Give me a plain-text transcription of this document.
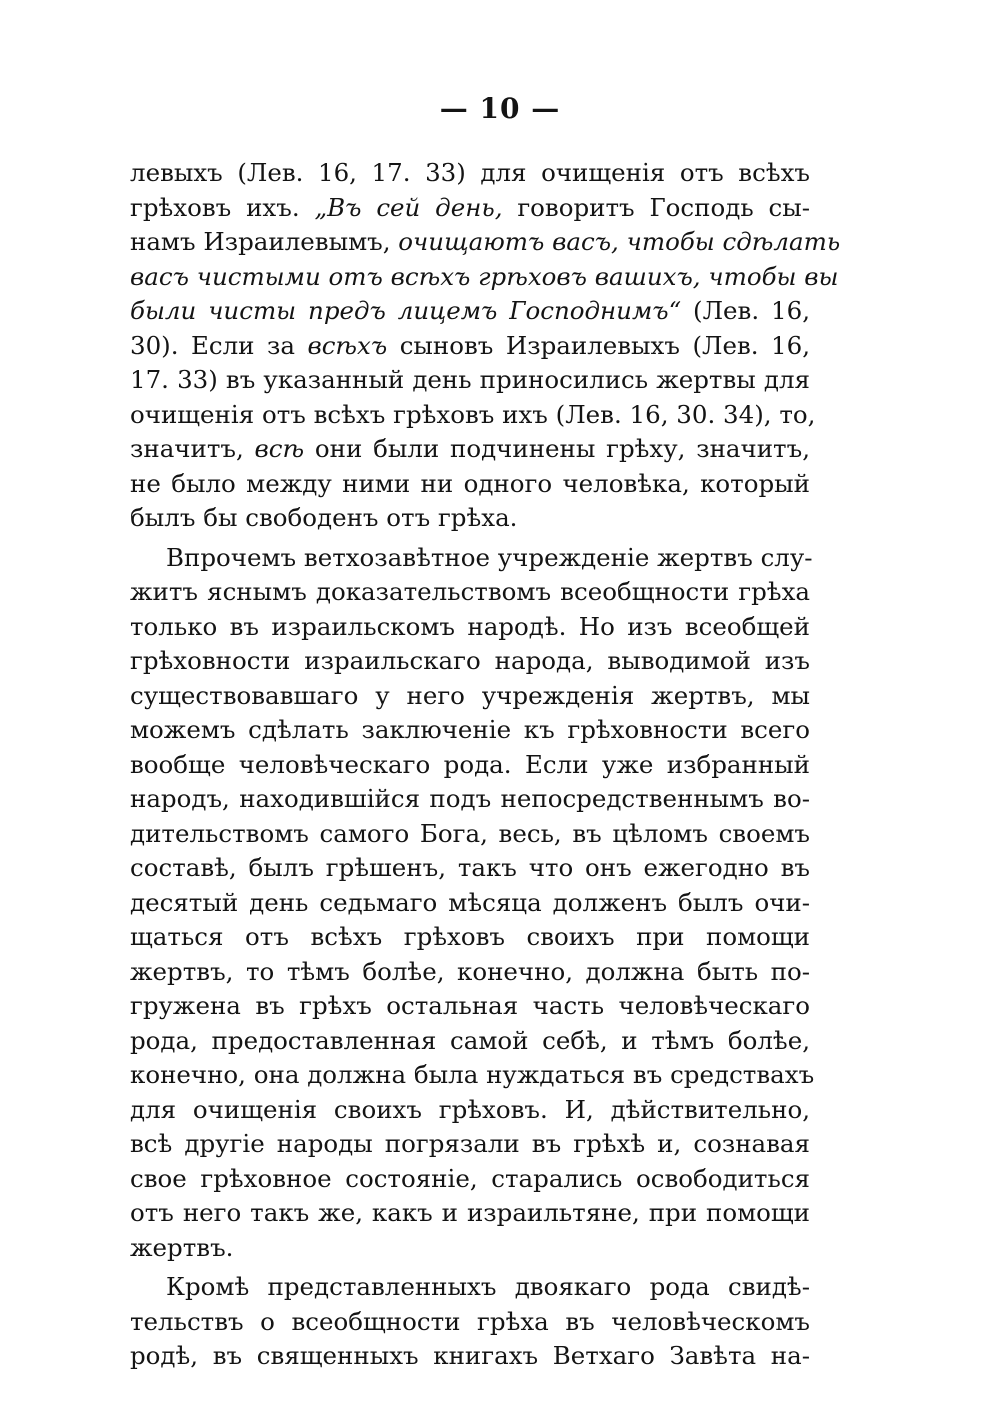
— 10 —
левыхъ (Лев. 16, 17. 33) для очищенія отъ всѣхъ
грѣховъ ихъ. „Въ сей день, говоритъ Господь сы-
намъ Израилевымъ, очищаютъ васъ, чтобы сдѣлать
васъ чистыми отъ всѣхъ грѣховъ вашихъ, чтобы вы
были чисты предъ лицемъ Господнимъ“ (Лев. 16,
30). Если за всѣхъ сыновъ Израилевыхъ (Лев. 16,
17. 33) въ указанный день приносились жертвы для
очищенія отъ всѣхъ грѣховъ ихъ (Лев. 16, 30. 34), то,
значитъ, всѣ они были подчинены грѣху, значитъ,
не было между ними ни одного человѣка, который
былъ бы свободенъ отъ грѣха.
Впрочемъ ветхозавѣтное учрежденіе жертвъ слу-
житъ яснымъ доказательствомъ всеобщности грѣха
только въ израильскомъ народѣ. Но изъ всеобщей
грѣховности израильскаго народа, выводимой изъ
существовавшаго у него учрежденія жертвъ, мы
можемъ сдѣлать заключеніе къ грѣховности всего
вообще человѣческаго рода. Если уже избранный
народъ, находившійся подъ непосредственнымъ во-
дительствомъ самого Бога, весь, въ цѣломъ своемъ
составѣ, былъ грѣшенъ, такъ что онъ ежегодно въ
десятый день седьмаго мѣсяца долженъ былъ очи-
щаться отъ всѣхъ грѣховъ своихъ при помощи
жертвъ, то тѣмъ болѣе, конечно, должна быть по-
гружена въ грѣхъ остальная часть человѣческаго
рода, предоставленная самой себѣ, и тѣмъ болѣе,
конечно, она должна была нуждаться въ средствахъ
для очищенія своихъ грѣховъ. И, дѣйствительно,
всѣ другіе народы погрязали въ грѣхѣ и, сознавая
свое грѣховное состояніе, старались освободиться
отъ него такъ же, какъ и израильтяне, при помощи
жертвъ.
Кромѣ представленныхъ двоякаго рода свидѣ-
тельствъ о всеобщности грѣха въ человѣческомъ
родѣ, въ священныхъ книгахъ Ветхаго Завѣта на-
